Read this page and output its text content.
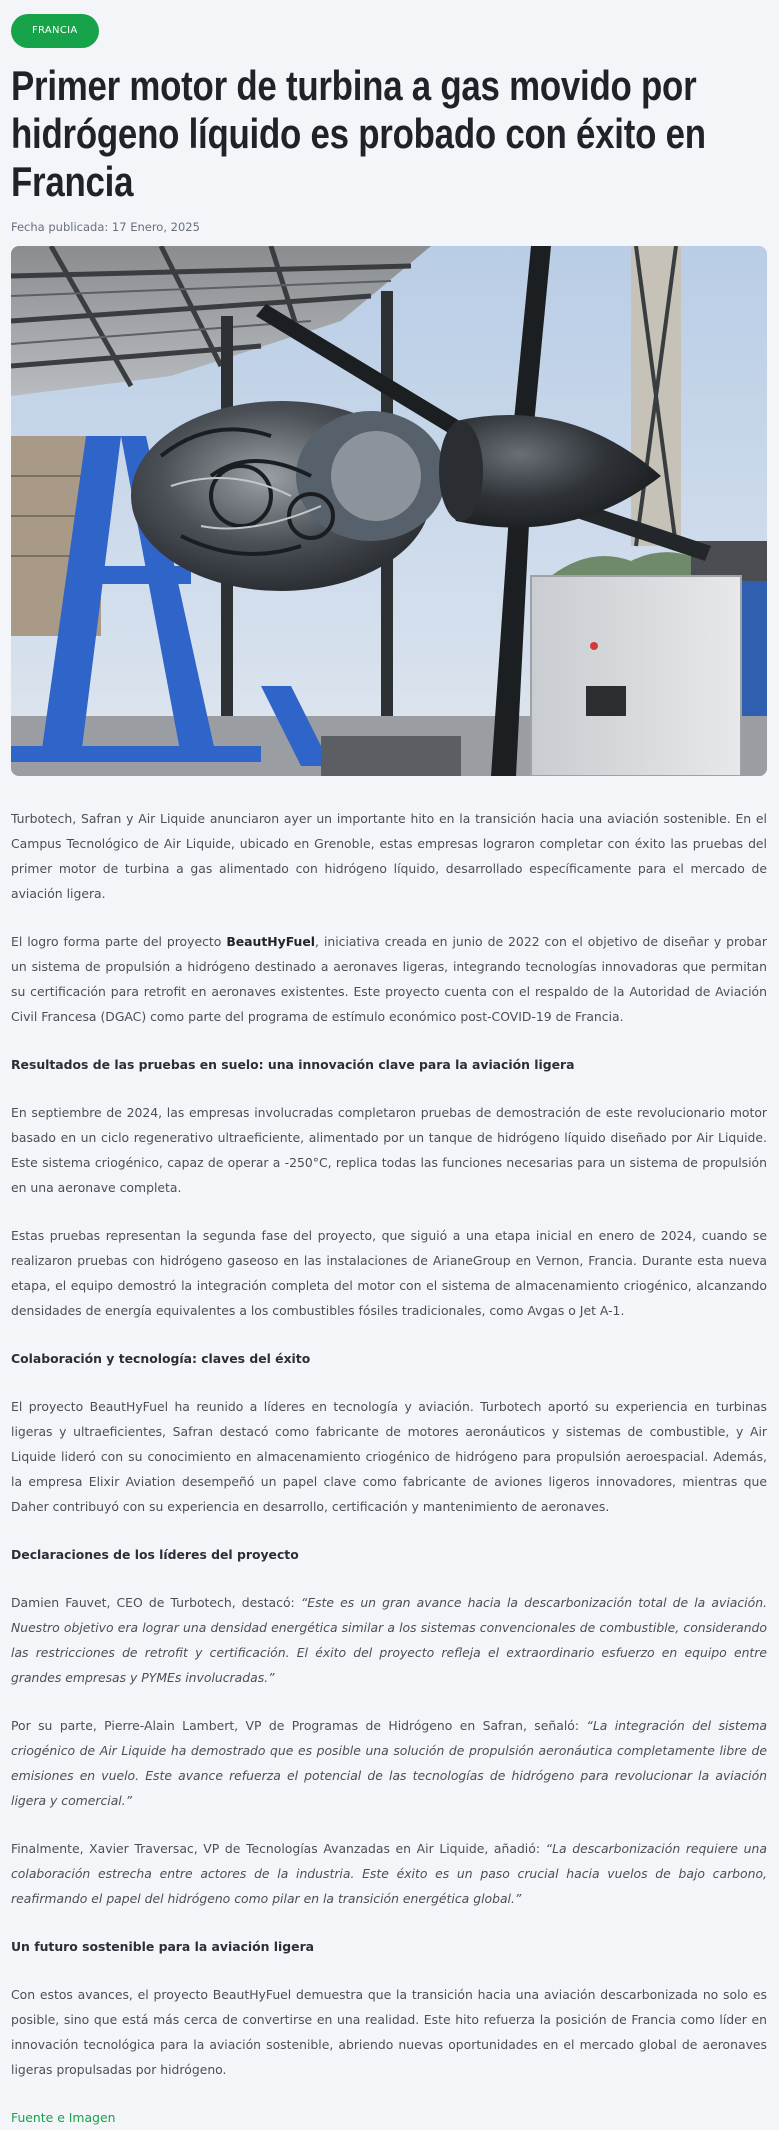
FRANCIA
Primer motor de turbina a gas movido por hidrógeno líquido es probado con éxito en Francia
Fecha publicada: 17 Enero, 2025

Turbotech, Safran y Air Liquide anunciaron ayer un importante hito en la transición hacia una aviación sostenible. En el Campus Tecnológico de Air Liquide, ubicado en Grenoble, estas empresas lograron completar con éxito las pruebas del primer motor de turbina a gas alimentado con hidrógeno líquido, desarrollado específicamente para el mercado de aviación ligera.

El logro forma parte del proyecto BeautHyFuel, iniciativa creada en junio de 2022 con el objetivo de diseñar y probar un sistema de propulsión a hidrógeno destinado a aeronaves ligeras, integrando tecnologías innovadoras que permitan su certificación para retrofit en aeronaves existentes. Este proyecto cuenta con el respaldo de la Autoridad de Aviación Civil Francesa (DGAC) como parte del programa de estímulo económico post-COVID-19 de Francia.

Resultados de las pruebas en suelo: una innovación clave para la aviación ligera

En septiembre de 2024, las empresas involucradas completaron pruebas de demostración de este revolucionario motor basado en un ciclo regenerativo ultraeficiente, alimentado por un tanque de hidrógeno líquido diseñado por Air Liquide. Este sistema criogénico, capaz de operar a -250°C, replica todas las funciones necesarias para un sistema de propulsión en una aeronave completa.

Estas pruebas representan la segunda fase del proyecto, que siguió a una etapa inicial en enero de 2024, cuando se realizaron pruebas con hidrógeno gaseoso en las instalaciones de ArianeGroup en Vernon, Francia. Durante esta nueva etapa, el equipo demostró la integración completa del motor con el sistema de almacenamiento criogénico, alcanzando densidades de energía equivalentes a los combustibles fósiles tradicionales, como Avgas o Jet A-1.

Colaboración y tecnología: claves del éxito

El proyecto BeautHyFuel ha reunido a líderes en tecnología y aviación. Turbotech aportó su experiencia en turbinas ligeras y ultraeficientes, Safran destacó como fabricante de motores aeronáuticos y sistemas de combustible, y Air Liquide lideró con su conocimiento en almacenamiento criogénico de hidrógeno para propulsión aeroespacial. Además, la empresa Elixir Aviation desempeñó un papel clave como fabricante de aviones ligeros innovadores, mientras que Daher contribuyó con su experiencia en desarrollo, certificación y mantenimiento de aeronaves.

Declaraciones de los líderes del proyecto

Damien Fauvet, CEO de Turbotech, destacó: “Este es un gran avance hacia la descarbonización total de la aviación. Nuestro objetivo era lograr una densidad energética similar a los sistemas convencionales de combustible, considerando las restricciones de retrofit y certificación. El éxito del proyecto refleja el extraordinario esfuerzo en equipo entre grandes empresas y PYMEs involucradas.”

Por su parte, Pierre-Alain Lambert, VP de Programas de Hidrógeno en Safran, señaló: “La integración del sistema criogénico de Air Liquide ha demostrado que es posible una solución de propulsión aeronáutica completamente libre de emisiones en vuelo. Este avance refuerza el potencial de las tecnologías de hidrógeno para revolucionar la aviación ligera y comercial.”

Finalmente, Xavier Traversac, VP de Tecnologías Avanzadas en Air Liquide, añadió: “La descarbonización requiere una colaboración estrecha entre actores de la industria. Este éxito es un paso crucial hacia vuelos de bajo carbono, reafirmando el papel del hidrógeno como pilar en la transición energética global.”

Un futuro sostenible para la aviación ligera

Con estos avances, el proyecto BeautHyFuel demuestra que la transición hacia una aviación descarbonizada no solo es posible, sino que está más cerca de convertirse en una realidad. Este hito refuerza la posición de Francia como líder en innovación tecnológica para la aviación sostenible, abriendo nuevas oportunidades en el mercado global de aeronaves ligeras propulsadas por hidrógeno.

Fuente e Imagen
